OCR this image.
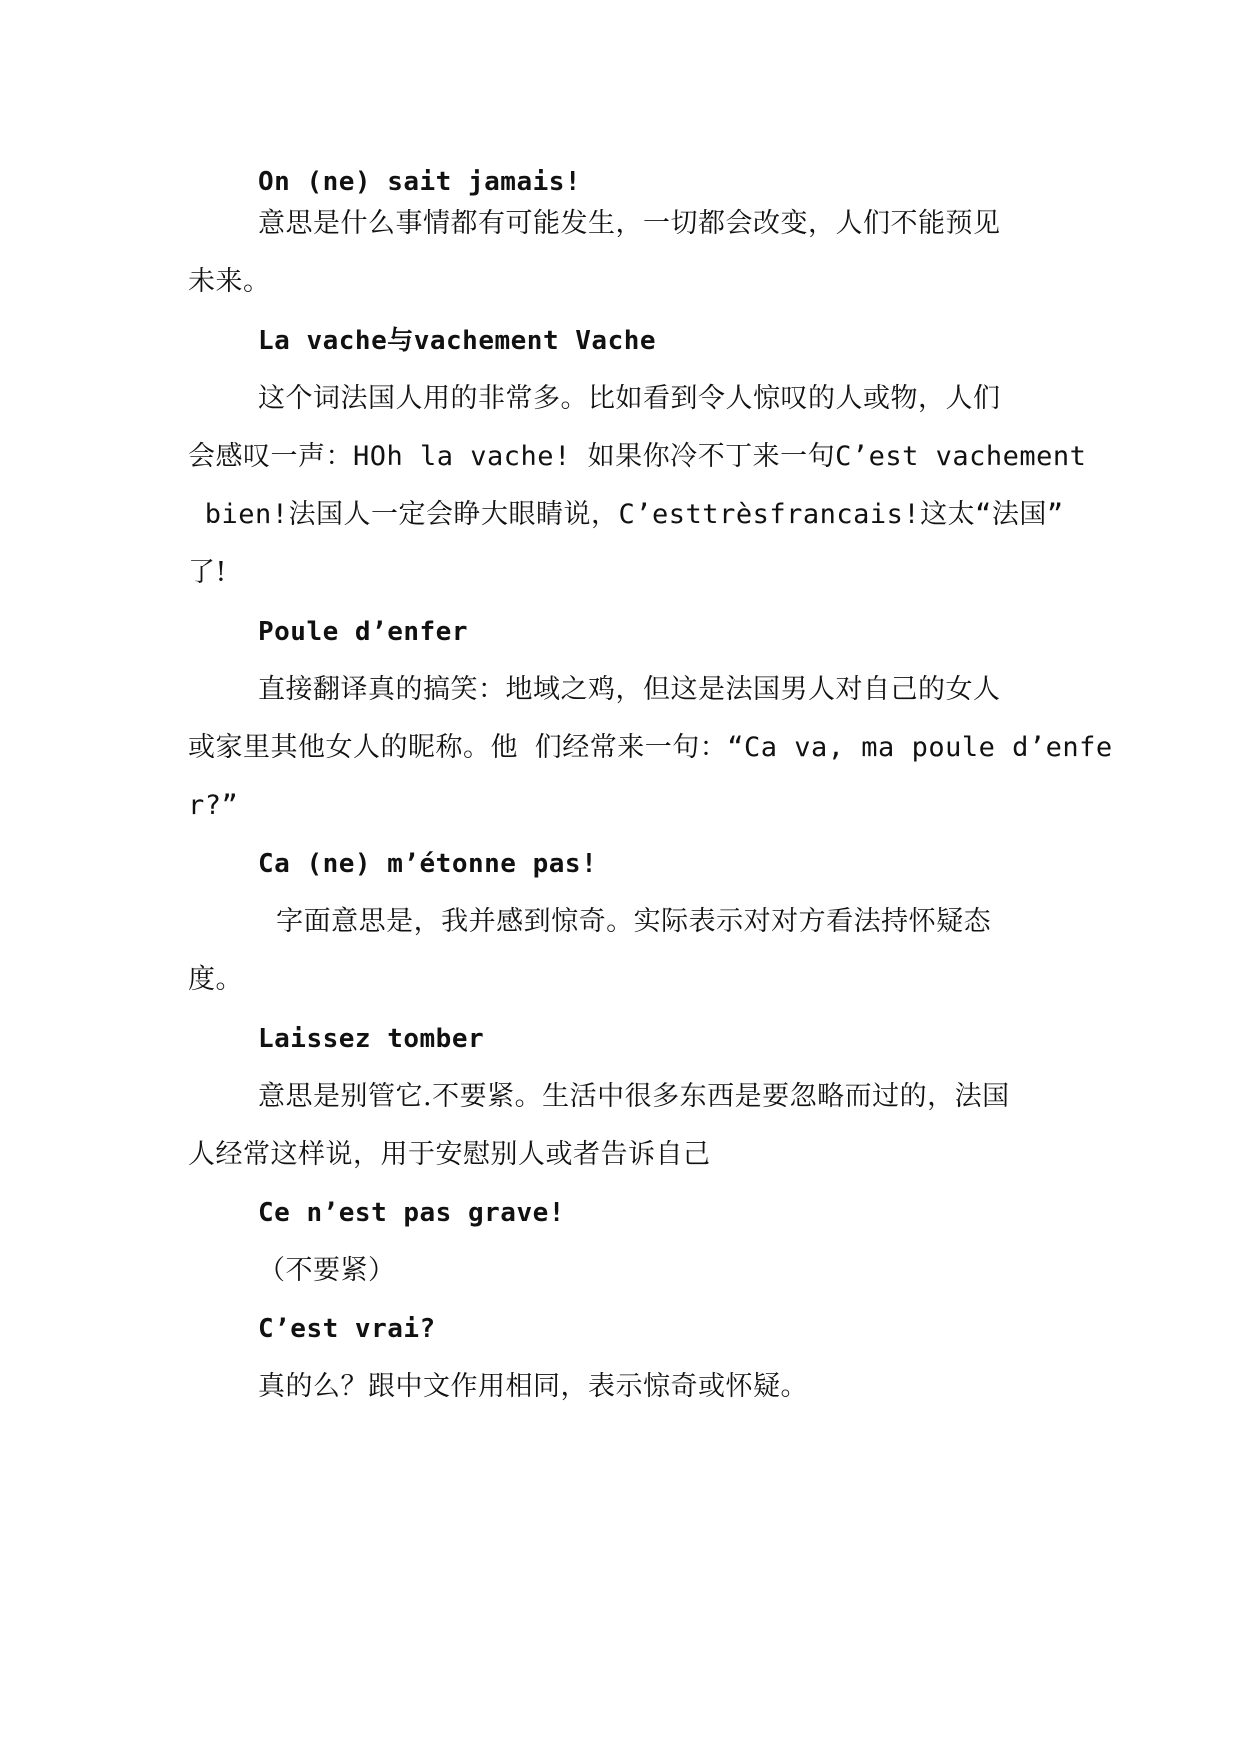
On (ne) sait jamais!
意思是什么事情都有可能发生，一切都会改变，人们不能预见
未来。
La vache与vachement Vache
这个词法国人用的非常多。比如看到令人惊叹的人或物，人们
会感叹一声：HOh la vache! 如果你冷不丁来一句C’est vachement
bien!法国人一定会睁大眼睛说，C’esttrèsfrancais!这太“法国”
了!
Poule d’enfer
直接翻译真的搞笑：地域之鸡，但这是法国男人对自己的女人
或家里其他女人的昵称。他 们经常来一句：“Ca va, ma poule d’enfe
r?”
Ca (ne) m’étonne pas!
字面意思是，我并感到惊奇。实际表示对对方看法持怀疑态
度。
Laissez tomber
意思是别管它.不要紧。生活中很多东西是要忽略而过的，法国
人经常这样说，用于安慰别人或者告诉自己
Ce n’est pas grave!
（不要紧）
C’est vrai?
真的么？跟中文作用相同，表示惊奇或怀疑。
